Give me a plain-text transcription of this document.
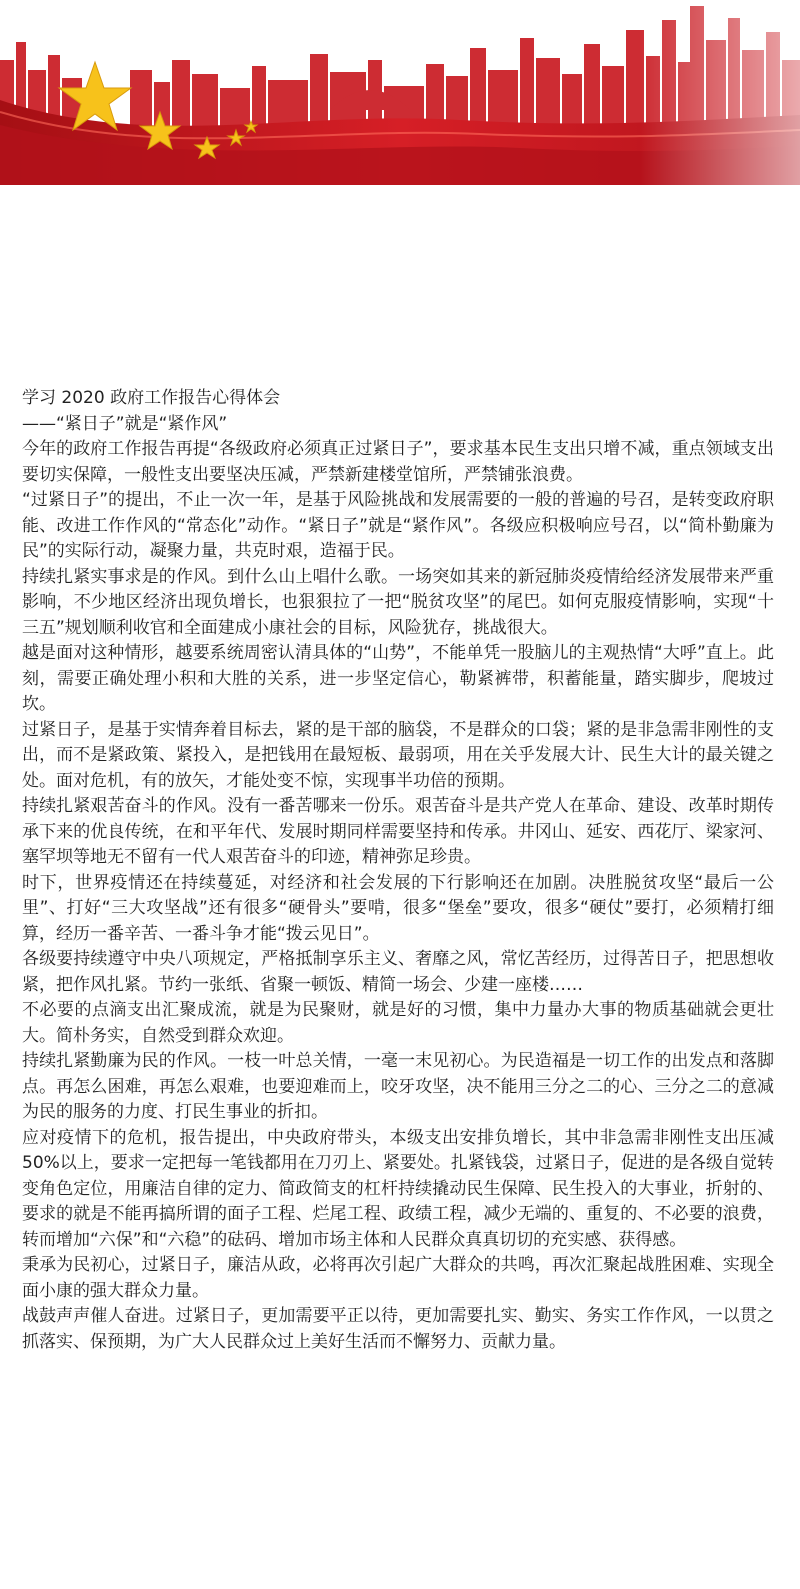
学习 2020 政府工作报告心得体会

——“紧日子”就是“紧作风”

今年的政府工作报告再提“各级政府必须真正过紧日子”，要求基本民生支出只增不减，重点领域支出要切实保障，一般性支出要坚决压减，严禁新建楼堂馆所，严禁铺张浪费。

“过紧日子”的提出，不止一次一年，是基于风险挑战和发展需要的一般的普遍的号召，是转变政府职能、改进工作作风的“常态化”动作。“紧日子”就是“紧作风”。各级应积极响应号召，以“简朴勤廉为民”的实际行动，凝聚力量，共克时艰，造福于民。

持续扎紧实事求是的作风。到什么山上唱什么歌。一场突如其来的新冠肺炎疫情给经济发展带来严重影响，不少地区经济出现负增长，也狠狠拉了一把“脱贫攻坚”的尾巴。如何克服疫情影响，实现“十三五”规划顺利收官和全面建成小康社会的目标，风险犹存，挑战很大。

越是面对这种情形，越要系统周密认清具体的“山势”，不能单凭一股脑儿的主观热情“大呼”直上。此刻，需要正确处理小积和大胜的关系，进一步坚定信心，勒紧裤带，积蓄能量，踏实脚步，爬坡过坎。

过紧日子，是基于实情奔着目标去，紧的是干部的脑袋，不是群众的口袋；紧的是非急需非刚性的支出，而不是紧政策、紧投入，是把钱用在最短板、最弱项，用在关乎发展大计、民生大计的最关键之处。面对危机，有的放矢，才能处变不惊，实现事半功倍的预期。

持续扎紧艰苦奋斗的作风。没有一番苦哪来一份乐。艰苦奋斗是共产党人在革命、建设、改革时期传承下来的优良传统，在和平年代、发展时期同样需要坚持和传承。井冈山、延安、西花厅、梁家河、塞罕坝等地无不留有一代人艰苦奋斗的印迹，精神弥足珍贵。

时下，世界疫情还在持续蔓延，对经济和社会发展的下行影响还在加剧。决胜脱贫攻坚“最后一公里”、打好“三大攻坚战”还有很多“硬骨头”要啃，很多“堡垒”要攻，很多“硬仗”要打，必须精打细算，经历一番辛苦、一番斗争才能“拨云见日”。

各级要持续遵守中央八项规定，严格抵制享乐主义、奢靡之风，常忆苦经历，过得苦日子，把思想收紧，把作风扎紧。节约一张纸、省聚一顿饭、精简一场会、少建一座楼……

不必要的点滴支出汇聚成流，就是为民聚财，就是好的习惯，集中力量办大事的物质基础就会更壮大。简朴务实，自然受到群众欢迎。

持续扎紧勤廉为民的作风。一枝一叶总关情，一毫一末见初心。为民造福是一切工作的出发点和落脚点。再怎么困难，再怎么艰难，也要迎难而上，咬牙攻坚，决不能用三分之二的心、三分之二的意减为民的服务的力度、打民生事业的折扣。

应对疫情下的危机，报告提出，中央政府带头，本级支出安排负增长，其中非急需非刚性支出压减 50%以上，要求一定把每一笔钱都用在刀刃上、紧要处。扎紧钱袋，过紧日子，促进的是各级自觉转变角色定位，用廉洁自律的定力、简政简支的杠杆持续撬动民生保障、民生投入的大事业，折射的、要求的就是不能再搞所谓的面子工程、烂尾工程、政绩工程，减少无端的、重复的、不必要的浪费，转而增加“六保”和“六稳”的砝码、增加市场主体和人民群众真真切切的充实感、获得感。

秉承为民初心，过紧日子，廉洁从政，必将再次引起广大群众的共鸣，再次汇聚起战胜困难、实现全面小康的强大群众力量。

战鼓声声催人奋进。过紧日子，更加需要平正以待，更加需要扎实、勤实、务实工作作风，一以贯之抓落实、保预期，为广大人民群众过上美好生活而不懈努力、贡献力量。
